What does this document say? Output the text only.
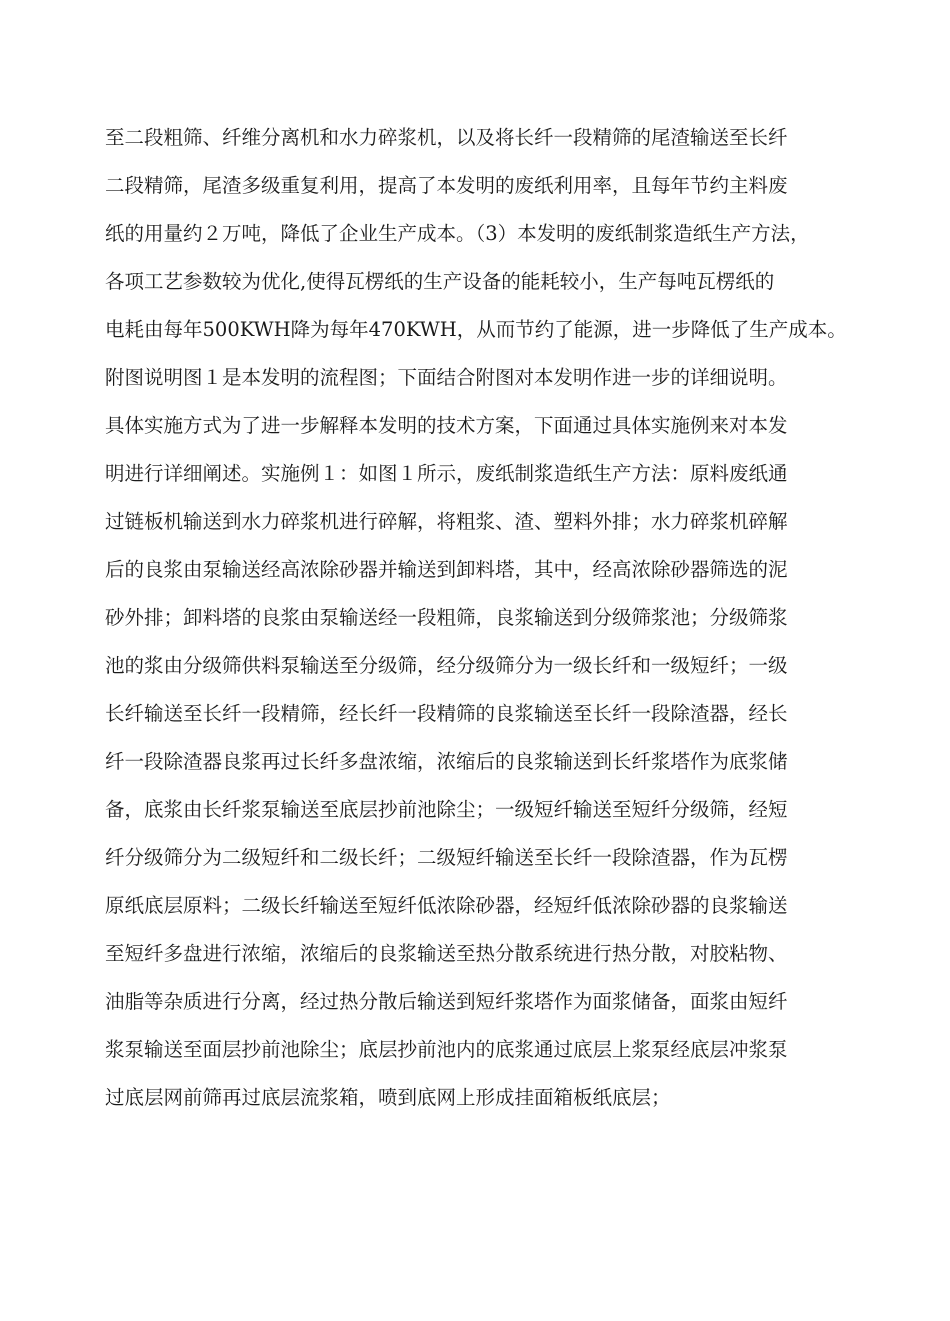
至二段粗筛、纤维分离机和水力碎浆机，以及将长纤一段精筛的尾渣输送至长纤
二段精筛，尾渣多级重复利用，提高了本发明的废纸利用率，且每年节约主料废
纸的用量约２万吨，降低了企业生产成本。（3）本发明的废纸制浆造纸生产方法，
各项工艺参数较为优化,使得瓦楞纸的生产设备的能耗较小，生产每吨瓦楞纸的
电耗由每年500KWH降为每年470KWH，从而节约了能源，进一步降低了生产成本。
附图说明图１是本发明的流程图；下面结合附图对本发明作进一步的详细说明。
具体实施方式为了进一步解释本发明的技术方案，下面通过具体实施例来对本发
明进行详细阐述。实施例１：如图１所示，废纸制浆造纸生产方法：原料废纸通
过链板机输送到水力碎浆机进行碎解，将粗浆、渣、塑料外排；水力碎浆机碎解
后的良浆由泵输送经高浓除砂器并输送到卸料塔，其中，经高浓除砂器筛选的泥
砂外排；卸料塔的良浆由泵输送经一段粗筛，良浆输送到分级筛浆池；分级筛浆
池的浆由分级筛供料泵输送至分级筛，经分级筛分为一级长纤和一级短纤；一级
长纤输送至长纤一段精筛，经长纤一段精筛的良浆输送至长纤一段除渣器，经长
纤一段除渣器良浆再过长纤多盘浓缩，浓缩后的良浆输送到长纤浆塔作为底浆储
备，底浆由长纤浆泵输送至底层抄前池除尘；一级短纤输送至短纤分级筛，经短
纤分级筛分为二级短纤和二级长纤；二级短纤输送至长纤一段除渣器，作为瓦楞
原纸底层原料；二级长纤输送至短纤低浓除砂器，经短纤低浓除砂器的良浆输送
至短纤多盘进行浓缩，浓缩后的良浆输送至热分散系统进行热分散，对胶粘物、
油脂等杂质进行分离，经过热分散后输送到短纤浆塔作为面浆储备，面浆由短纤
浆泵输送至面层抄前池除尘；底层抄前池内的底浆通过底层上浆泵经底层冲浆泵
过底层网前筛再过底层流浆箱，喷到底网上形成挂面箱板纸底层；
